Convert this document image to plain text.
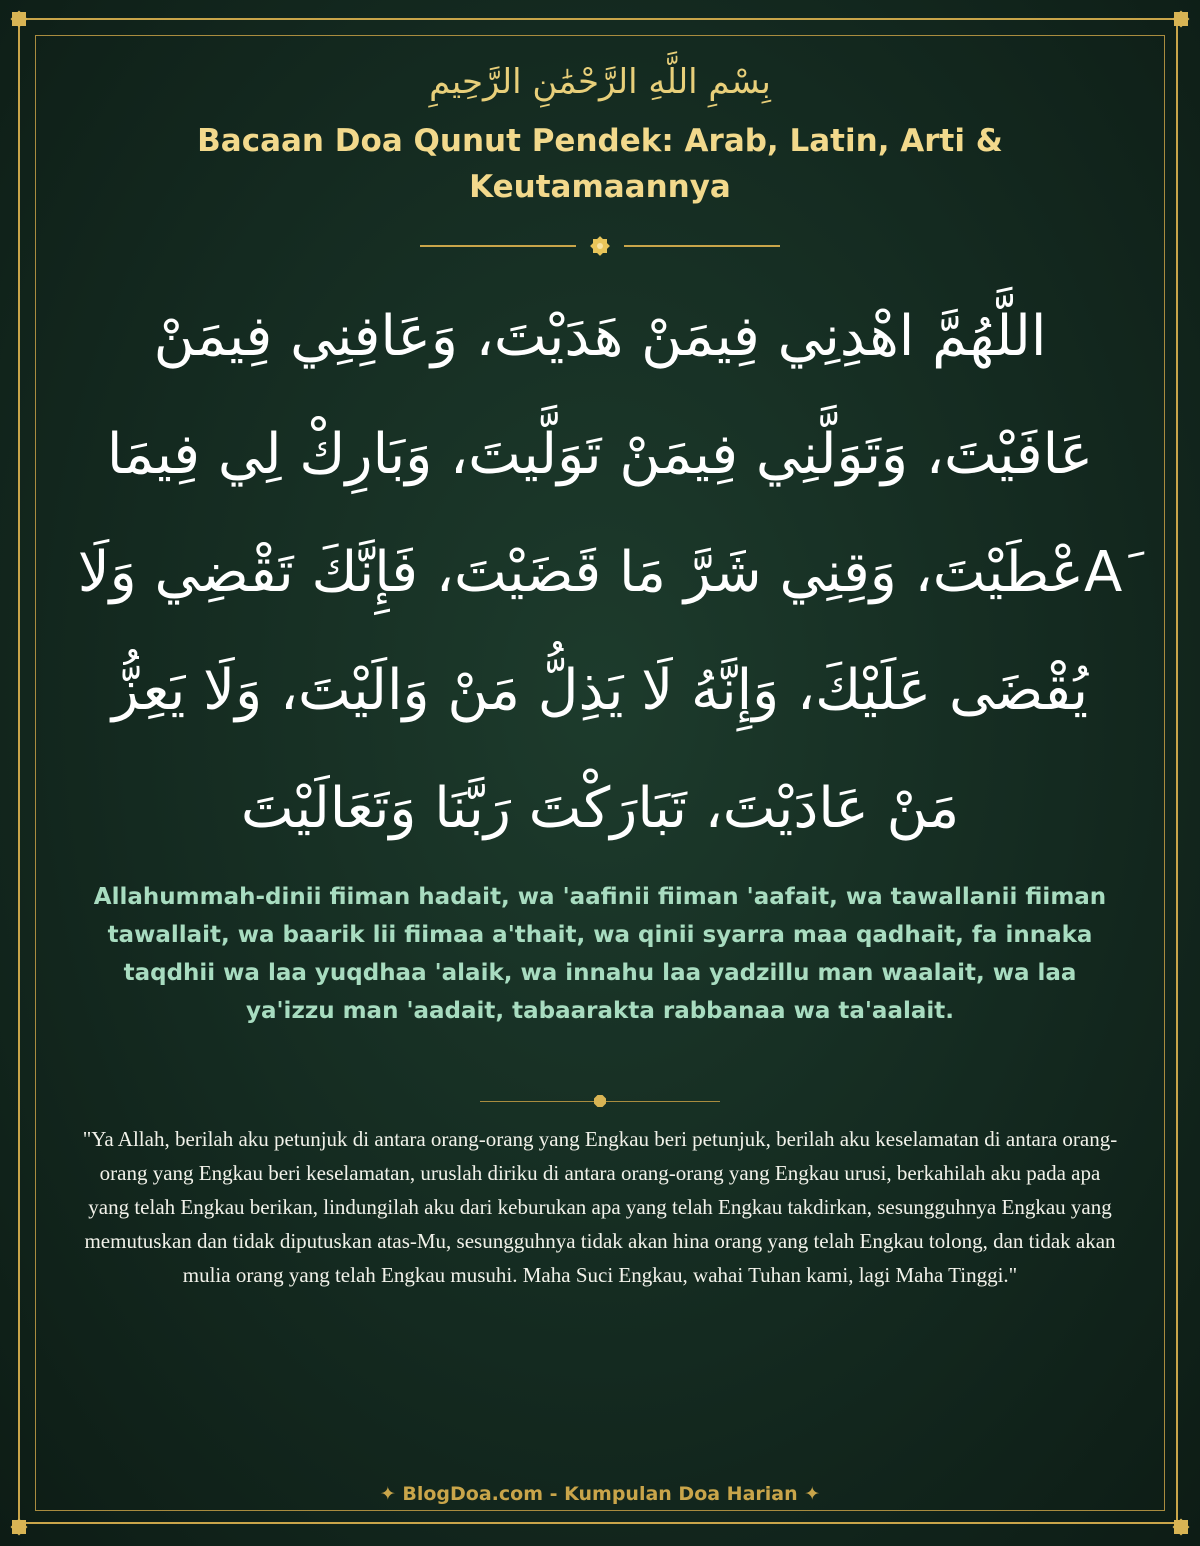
بِسْمِ اللَّهِ الرَّحْمَٰنِ الرَّحِيمِ
Bacaan Doa Qunut Pendek: Arab, Latin, Arti & Keutamaannya

اللَّهُمَّ اهْدِنِي فِيمَنْ هَدَيْتَ، وَعَافِنِي فِيمَنْ عَافَيْتَ، وَتَوَلَّنِي فِيمَنْ تَوَلَّيتَ، وَبَارِكْ لِي فِيمَا Aَعْطَيْتَ، وَقِنِي شَرَّ مَا قَضَيْتَ، فَإِنَّكَ تَقْضِي وَلَا يُقْضَى عَلَيْكَ، وَإِنَّهُ لَا يَذِلُّ مَنْ وَالَيْتَ، وَلَا يَعِزُّ مَنْ عَادَيْتَ، تَبَارَكْتَ رَبَّنَا وَتَعَالَيْتَ

Allahummah-dinii fiiman hadait, wa 'aafinii fiiman 'aafait, wa tawallanii fiiman tawallait, wa baarik lii fiimaa a'thait, wa qinii syarra maa qadhait, fa innaka taqdhii wa laa yuqdhaa 'alaik, wa innahu laa yadzillu man waalait, wa laa ya'izzu man 'aadait, tabaarakta rabbanaa wa ta'aalait.

"Ya Allah, berilah aku petunjuk di antara orang-orang yang Engkau beri petunjuk, berilah aku keselamatan di antara orang-orang yang Engkau beri keselamatan, uruslah diriku di antara orang-orang yang Engkau urusi, berkahilah aku pada apa yang telah Engkau berikan, lindungilah aku dari keburukan apa yang telah Engkau takdirkan, sesungguhnya Engkau yang memutuskan dan tidak diputuskan atas-Mu, sesungguhnya tidak akan hina orang yang telah Engkau tolong, dan tidak akan mulia orang yang telah Engkau musuhi. Maha Suci Engkau, wahai Tuhan kami, lagi Maha Tinggi."

✦ BlogDoa.com - Kumpulan Doa Harian ✦
